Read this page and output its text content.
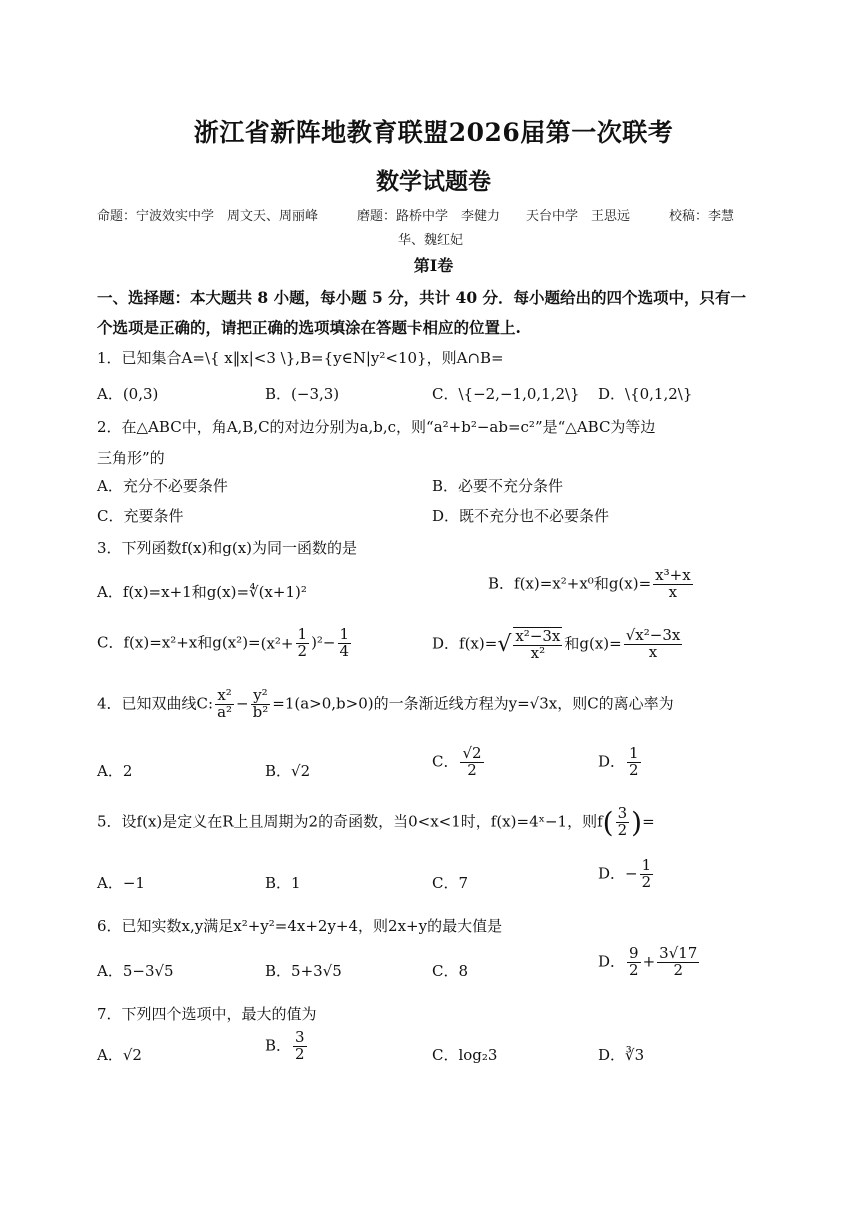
浙江省新阵地教育联盟2026届第一次联考
数学试题卷
命题：宁波效实中学　周文天、周丽峰　　　磨题：路桥中学　李健力　　天台中学　王思远　　　校稿：李慧
华、魏红妃
第Ⅰ卷
一、选择题：本大题共 8 小题，每小题 5 分，共计 40 分．每小题给出的四个选项中，只有一
个选项是正确的，请把正确的选项填涂在答题卡相应的位置上.
1．已知集合A=\{ x‖x|<3 \},B={y∈N|y²<10}，则A∩B=
A．(0,3)	B．(−3,3)	C．\{−2,−1,0,1,2\} D．\{0,1,2\}
2．在△ABC中，角A,B,C的对边分别为a,b,c，则“a²+b²−ab=c²”是“△ABC为等边
三角形”的
A．充分不必要条件	B．必要不充分条件
C．充要条件	D．既不充分也不必要条件
3．下列函数f(x)和g(x)为同一函数的是
A．f(x)=x+1和g(x)=∜(x+1)²	B．f(x)=x²+x⁰和$g(x)= \frac{\text{x³+x}}{x}$
C．f(x)=x²+x和$g(x^2)=(x^2+ \frac{1}{2} )^2- \frac{1}{4}$	D．$f(x)=√ \frac{\text{x²−3x}}{\text{x²}}$ 和$g(x)= \frac{\text{√x²−3x}}{x}$
4．已知双曲线C: $\frac{\text{x²}}{\text{a²}} - \frac{\text{y²}}{\text{b²}} =1(a>0,b>0)$的一条渐近线方程为y=√3x，则C的离心率为
A．2	B．√2
C． $\frac{√2}{2}$	D． $\frac{1}{2}$
5．设f(x)是定义在R上且周期为2的奇函数，当0<x<1时，f(x)=4ˣ−1，则$f( \frac{3}{2}$ )=
A．−1	B．1	C．7
D．− $\frac{1}{2}$
6．已知实数x,y满足x²+y²=4x+2y+4，则2x+y的最大值是
A．5−3√5	B．5+3√5	C．8
D． $\frac{9}{2} + \frac{3√17}{2}$
7．下列四个选项中，最大的值为
A．√2
B． $\frac{3}{2}$	C．log₂3	D．∛3
